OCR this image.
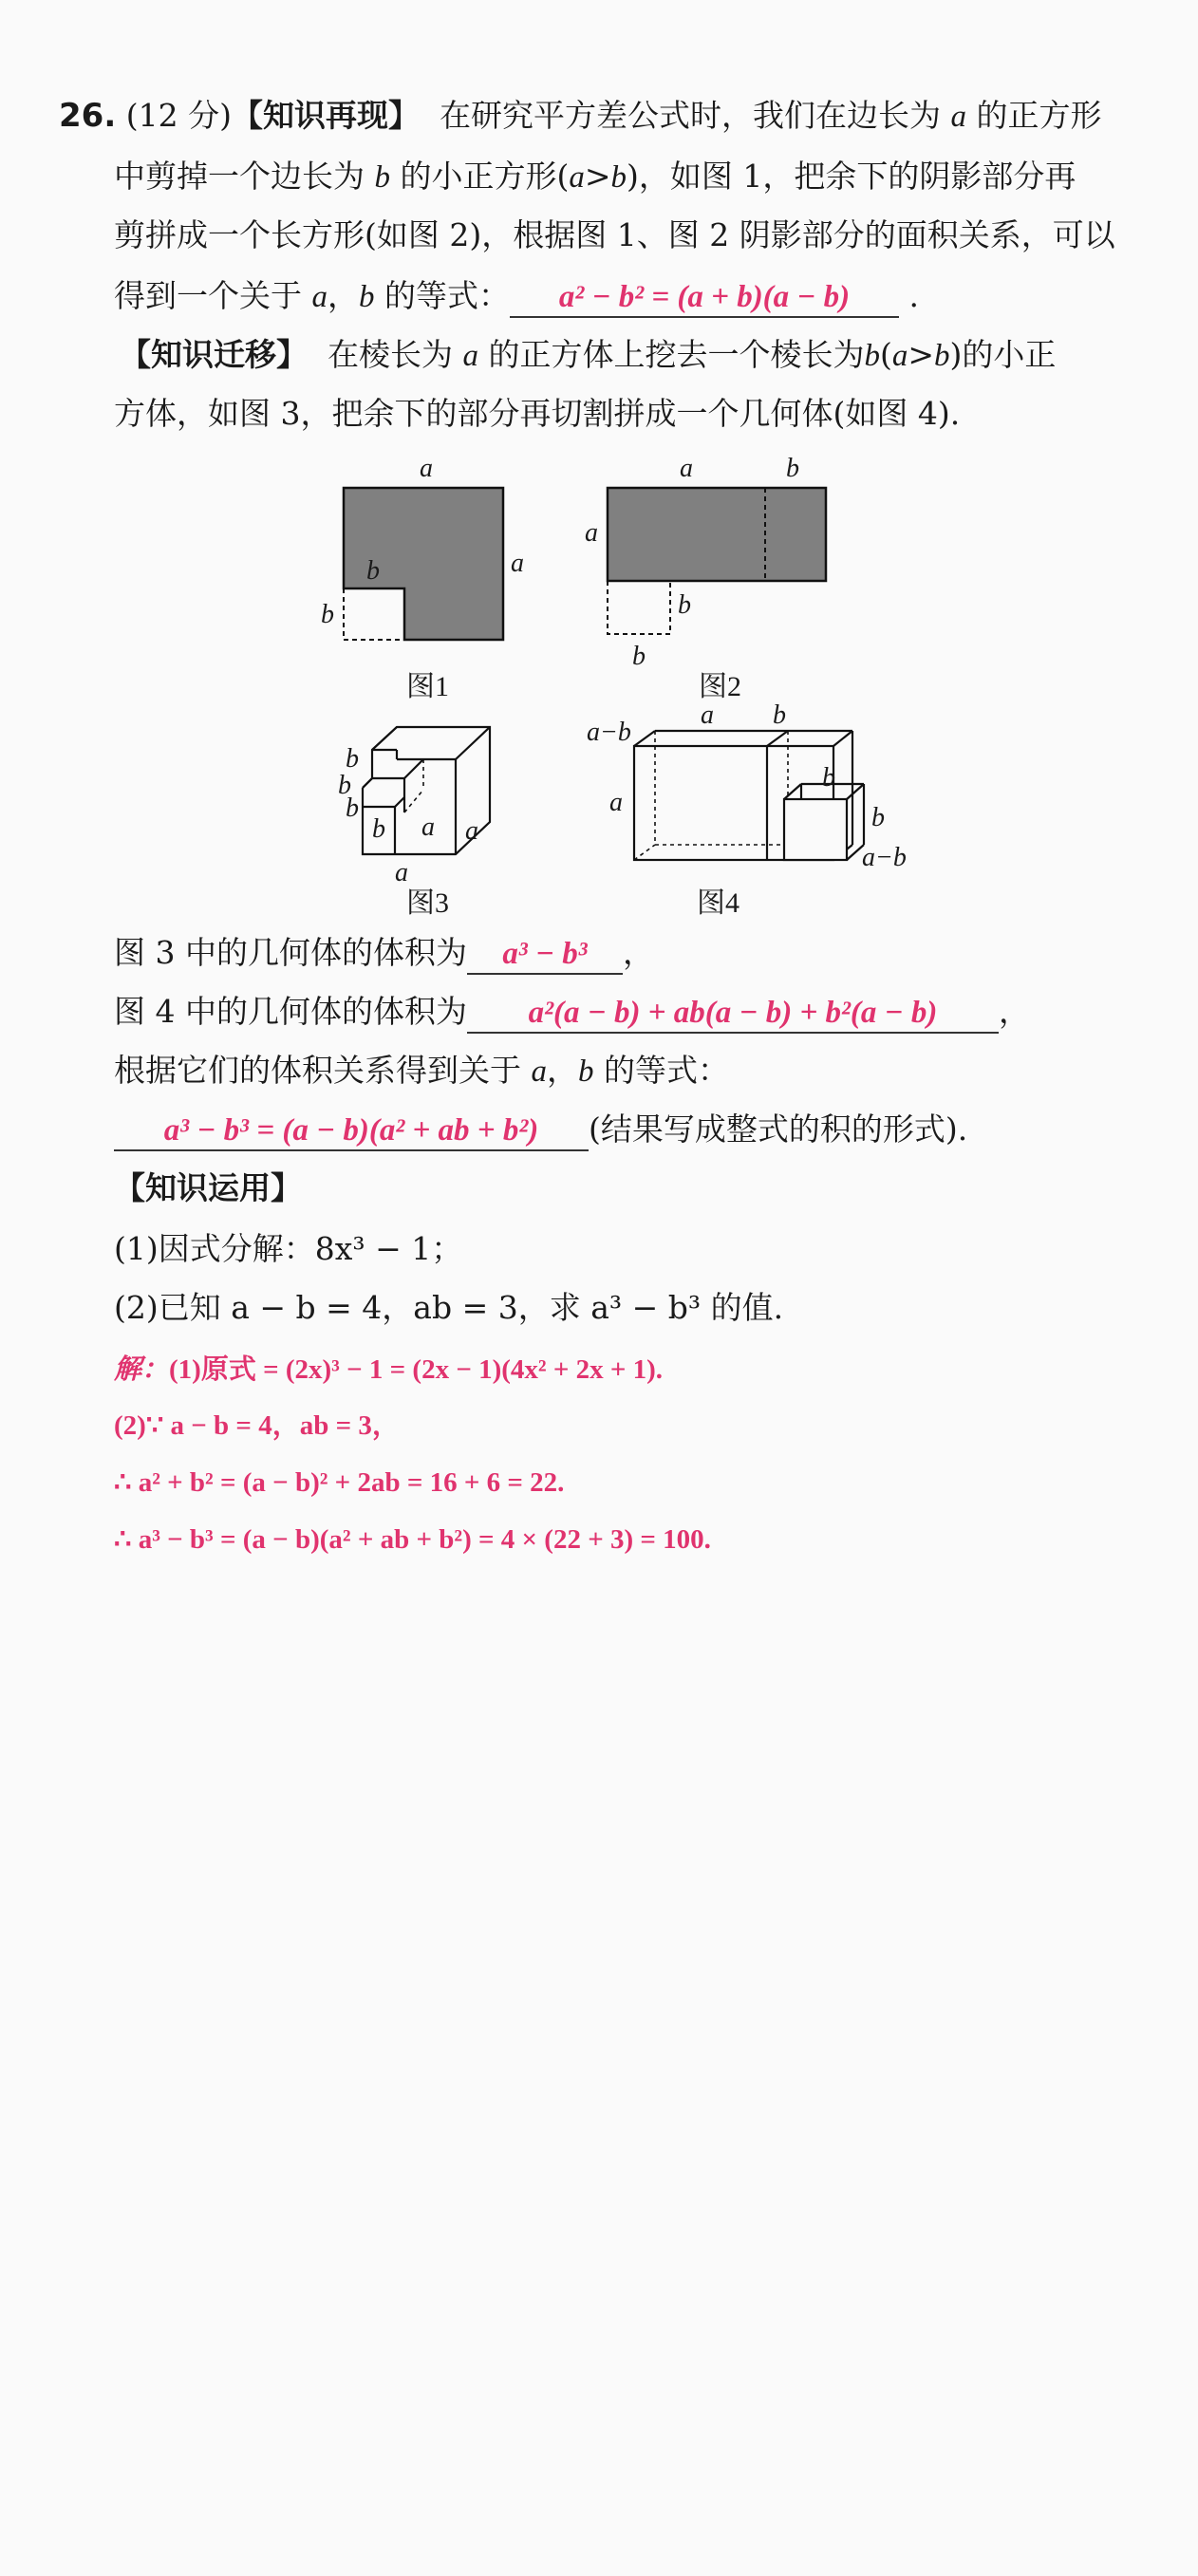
26. (12 分)【知识再现】 在研究平方差公式时，我们在边长为 a 的正方形
中剪掉一个边长为 b 的小正方形(a>b)，如图 1，把余下的阴影部分再
剪拼成一个长方形(如图 2)，根据图 1、图 2 阴影部分的面积关系，可以
得到一个关于 a，b 的等式： a² − b² = (a + b)(a − b) .
【知识迁移】 在棱长为 a 的正方体上挖去一个棱长为b(a>b)的小正
方体，如图 3，把余下的部分再切割拼成一个几何体(如图 4).
a
a
b
b
图1
a	b
a
b
b
图2
b
b
b
b a a
a
图3
a−b
a b
a
b
b
a−b
图4
图 3 中的几何体的体积为 a³ − b³ ，
图 4 中的几何体的体积为 a²(a − b) + ab(a − b) + b²(a − b) ，
根据它们的体积关系得到关于 a，b 的等式：
a³ − b³ = (a − b)(a² + ab + b²) (结果写成整式的积的形式).
【知识运用】
(1)因式分解：8x³ − 1；
(2)已知 a − b = 4，ab = 3，求 a³ − b³ 的值.
解：(1)原式 = (2x)³ − 1 = (2x − 1)(4x² + 2x + 1).
(2)∵ a − b = 4，ab = 3，
∴ a² + b² = (a − b)² + 2ab = 16 + 6 = 22.
∴ a³ − b³ = (a − b)(a² + ab + b²) = 4 × (22 + 3) = 100.
